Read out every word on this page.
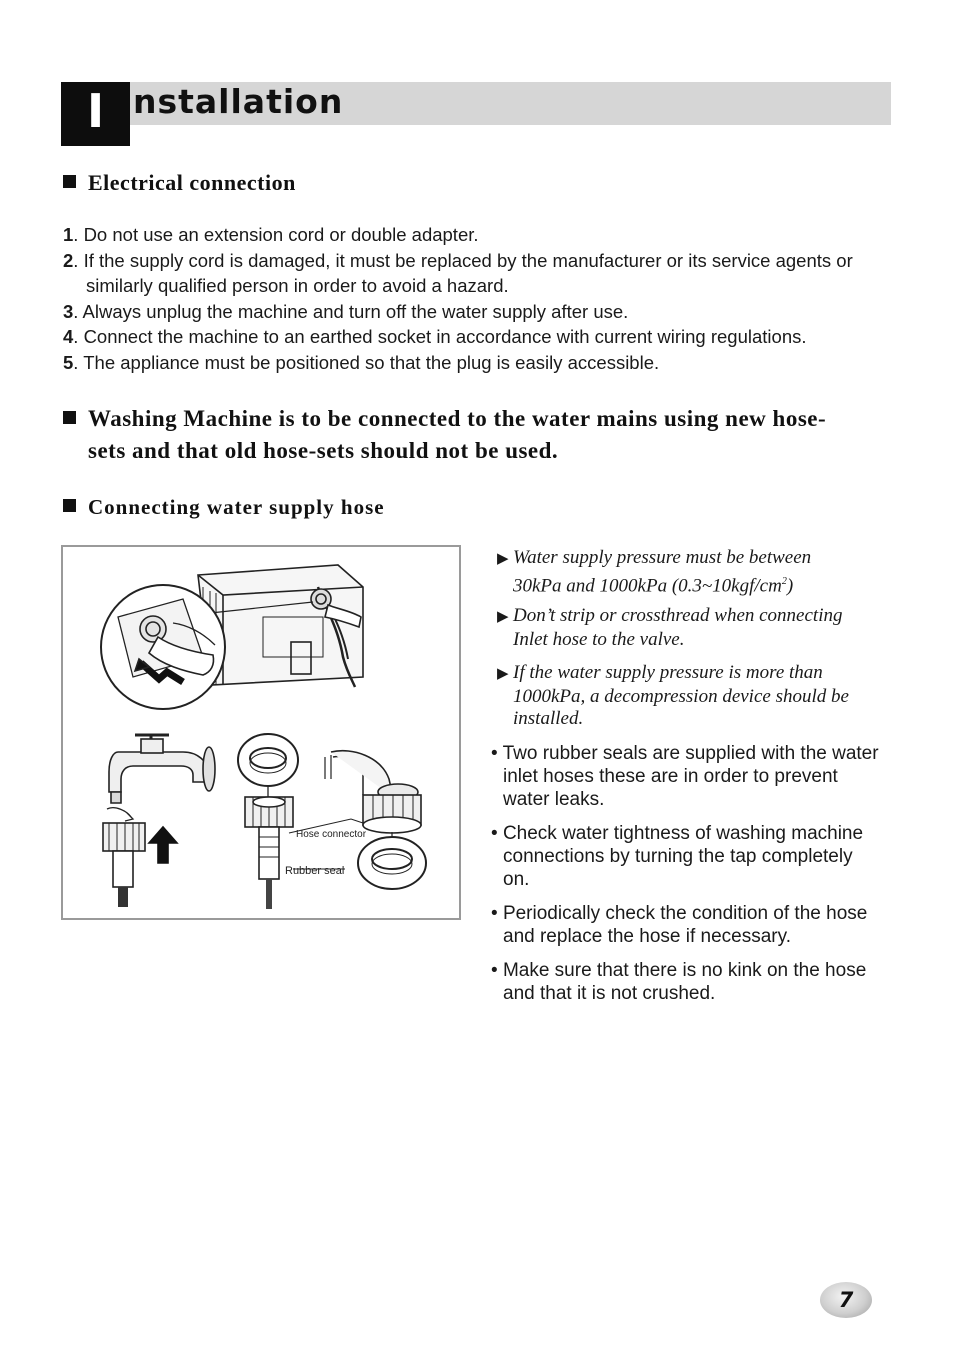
I nstallation
Electrical connection
1. Do not use an extension cord or double adapter.
2. If the supply cord is damaged, it must be replaced by the manufacturer or its service agents or similarly qualified person in order to avoid a hazard.
3. Always unplug the machine and turn off the water supply after use.
4. Connect the machine to an earthed socket in accordance with current wiring regulations.
5. The appliance must be positioned so that the plug is easily accessible.
Washing Machine is to be connected to the water mains using new hose-
sets and that old hose-sets should not be used.
Connecting water supply hose
Hose connector
Rubber seal
▶ Water supply pressure must be between
30kPa and 1000kPa $(0.3\sim 10kgf/cm^2)$
▶ Don’t strip or crossthread when connecting
Inlet hose to the valve.
▶ If the water supply pressure is more than
1000kPa, a decompression device should be
installed.
• Two rubber seals are supplied with the water inlet hoses these are in order to prevent water leaks.
• Check water tightness of washing machine connections by turning the tap completely on.
• Periodically check the condition of the hose and replace the hose if necessary.
• Make sure that there is no kink on the hose and that it is not crushed.
7
